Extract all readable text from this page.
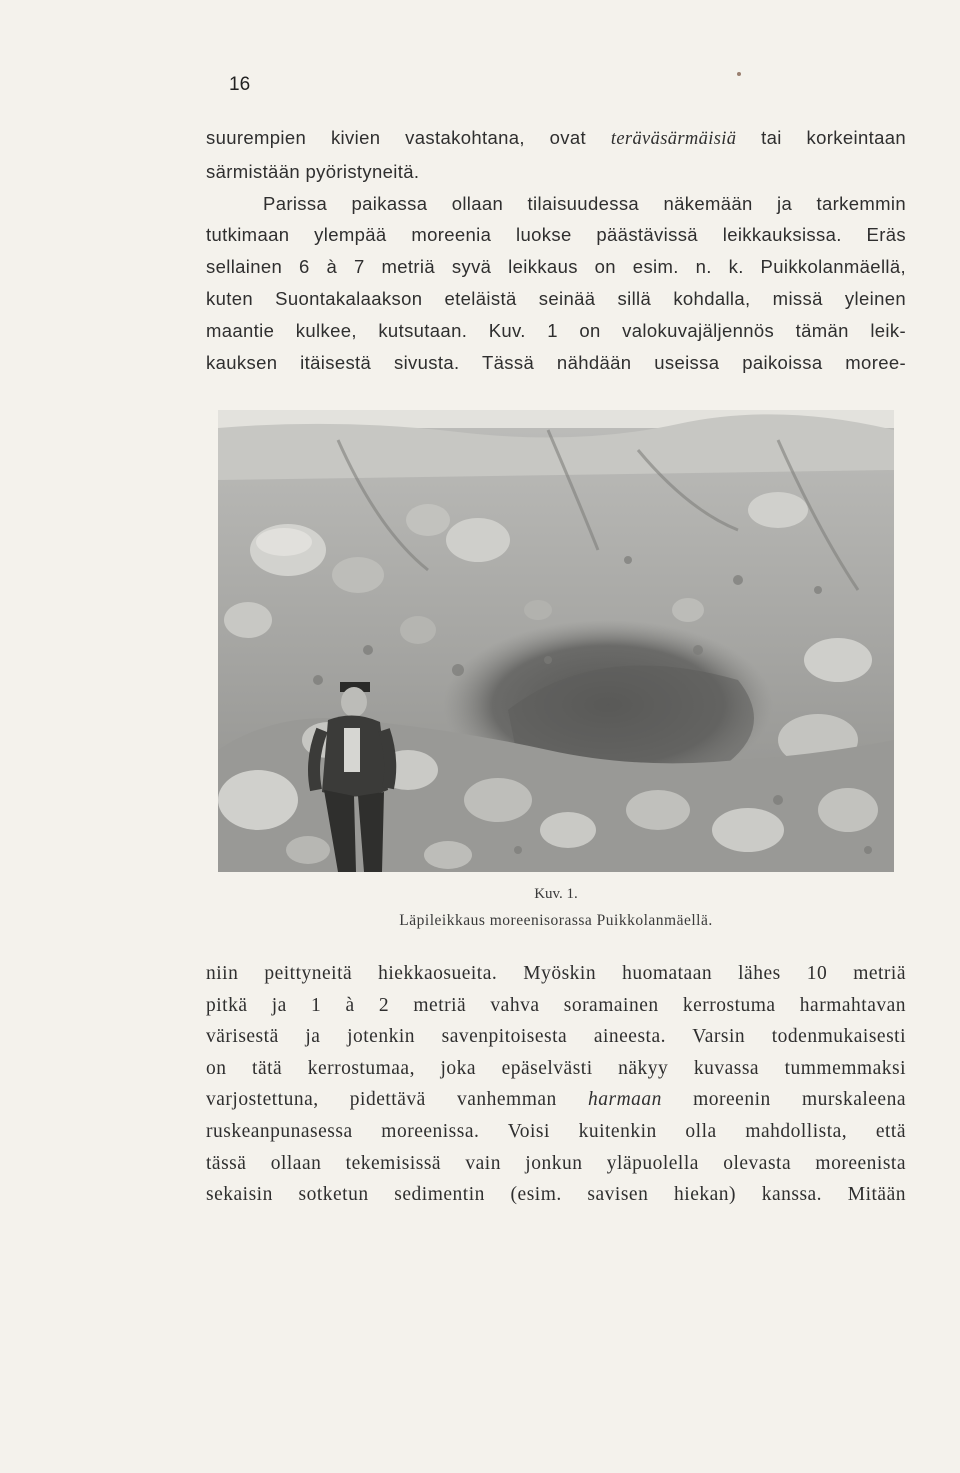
16
suurempien kivien vastakohtana, ovat teräväsärmäisiä tai korkeintaan
särmistään pyöristyneitä.
Parissa paikassa ollaan tilaisuudessa näkemään ja tarkemmin
tutkimaan ylempää moreenia luokse päästävissä leikkauksissa. Eräs
sellainen 6 à 7 metriä syvä leikkaus on esim. n. k. Puikkolanmäellä,
kuten Suontakalaakson eteläistä seinää sillä kohdalla, missä yleinen
maantie kulkee, kutsutaan. Kuv. 1 on valokuvajäljennös tämän leik-
kauksen itäisestä sivusta. Tässä nähdään useissa paikoissa moree-
Kuv. 1.
Läpileikkaus moreenisorassa Puikkolanmäellä.
niin peittyneitä hiekkaosueita. Myöskin huomataan lähes 10 metriä
pitkä ja 1 à 2 metriä vahva soramainen kerrostuma harmahtavan
värisestä ja jotenkin savenpitoisesta aineesta. Varsin todenmukaisesti
on tätä kerrostumaa, joka epäselvästi näkyy kuvassa tummemmaksi
varjostettuna, pidettävä vanhemman harmaan moreenin murskaleena
ruskeanpunasessa moreenissa. Voisi kuitenkin olla mahdollista, että
tässä ollaan tekemisissä vain jonkun yläpuolella olevasta moreenista
sekaisin sotketun sedimentin (esim. savisen hiekan) kanssa. Mitään
